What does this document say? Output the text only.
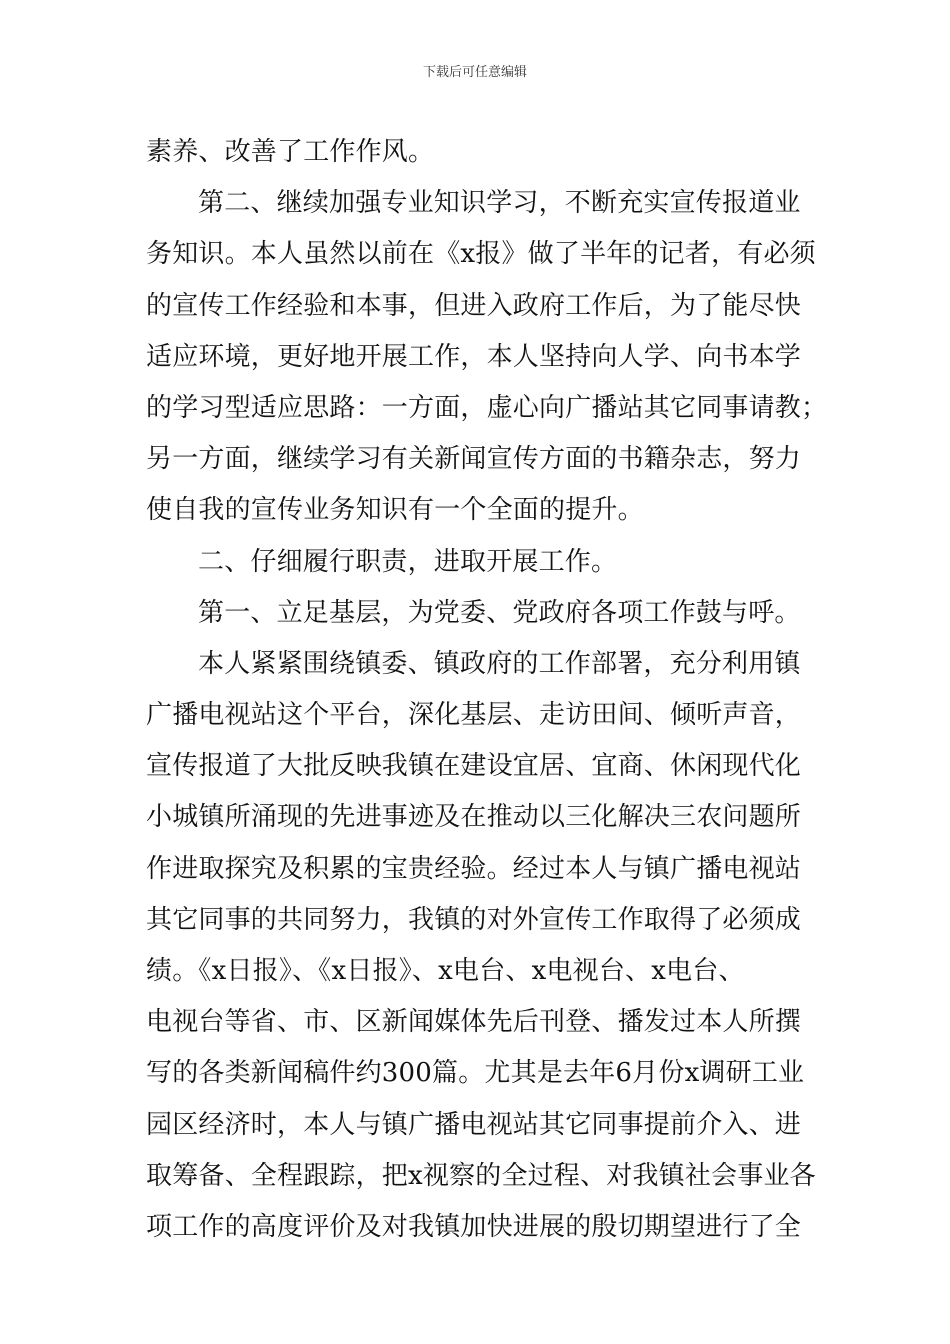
下载后可任意编辑
素养、改善了工作作风。
第二、继续加强专业知识学习，不断充实宣传报道业
务知识。本人虽然以前在《x报》做了半年的记者，有必须
的宣传工作经验和本事，但进入政府工作后，为了能尽快
适应环境，更好地开展工作，本人坚持向人学、向书本学
的学习型适应思路：一方面，虚心向广播站其它同事请教；
另一方面，继续学习有关新闻宣传方面的书籍杂志，努力
使自我的宣传业务知识有一个全面的提升。
二、仔细履行职责，进取开展工作。
第一、立足基层，为党委、党政府各项工作鼓与呼。
本人紧紧围绕镇委、镇政府的工作部署，充分利用镇
广播电视站这个平台，深化基层、走访田间、倾听声音，
宣传报道了大批反映我镇在建设宜居、宜商、休闲现代化
小城镇所涌现的先进事迹及在推动以三化解决三农问题所
作进取探究及积累的宝贵经验。经过本人与镇广播电视站
其它同事的共同努力，我镇的对外宣传工作取得了必须成
绩。《x日报》、《x日报》、x电台、x电视台、x电台、
电视台等省、市、区新闻媒体先后刊登、播发过本人所撰
写的各类新闻稿件约300篇。尤其是去年6月份x调研工业
园区经济时，本人与镇广播电视站其它同事提前介入、进
取筹备、全程跟踪，把x视察的全过程、对我镇社会事业各
项工作的高度评价及对我镇加快进展的殷切期望进行了全
